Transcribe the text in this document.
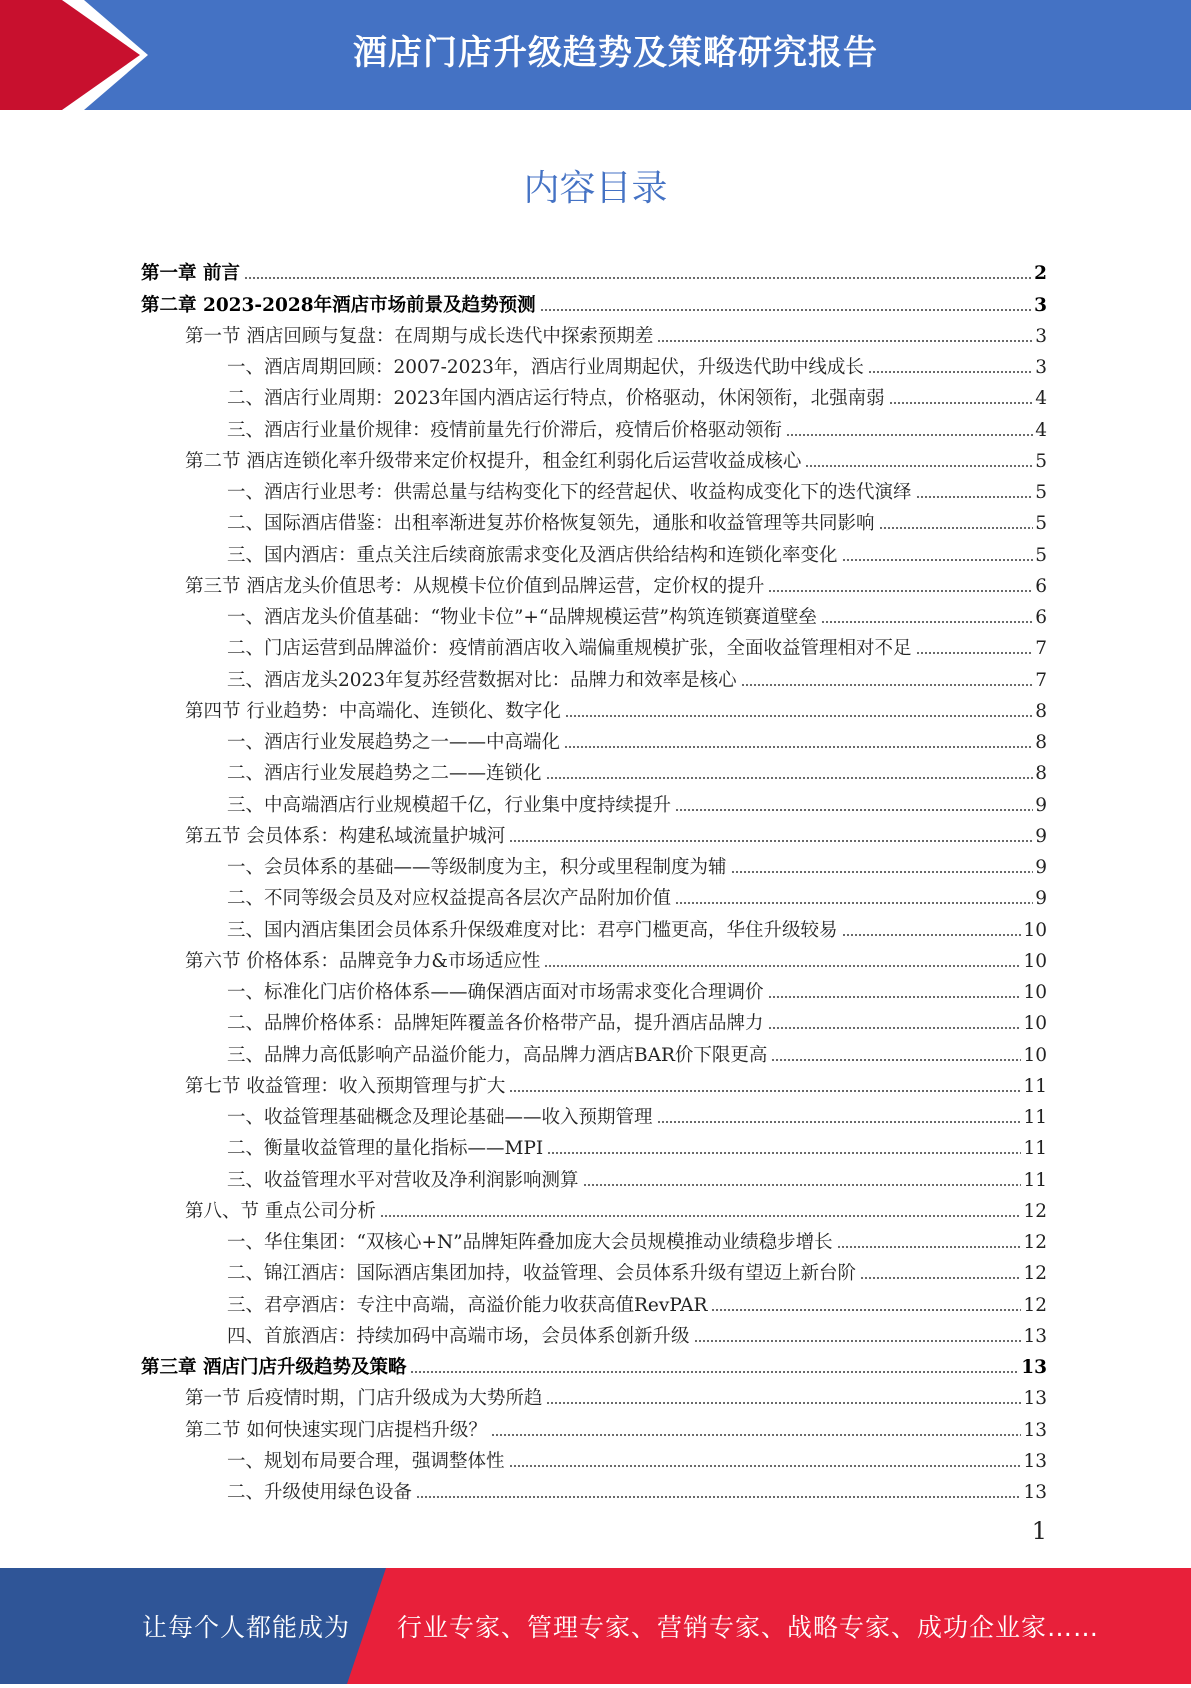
酒店门店升级趋势及策略研究报告
内容目录
第一章 前言	2
第二章 2023-2028年酒店市场前景及趋势预测	3
第一节 酒店回顾与复盘：在周期与成长迭代中探索预期差	3
一、酒店周期回顾：2007-2023年，酒店行业周期起伏，升级迭代助中线成长	3
二、酒店行业周期：2023年国内酒店运行特点，价格驱动，休闲领衔，北强南弱	4
三、酒店行业量价规律：疫情前量先行价滞后，疫情后价格驱动领衔	4
第二节 酒店连锁化率升级带来定价权提升，租金红利弱化后运营收益成核心	5
一、酒店行业思考：供需总量与结构变化下的经营起伏、收益构成变化下的迭代演绎	5
二、国际酒店借鉴：出租率渐进复苏价格恢复领先，通胀和收益管理等共同影响	5
三、国内酒店：重点关注后续商旅需求变化及酒店供给结构和连锁化率变化	5
第三节 酒店龙头价值思考：从规模卡位价值到品牌运营，定价权的提升	6
一、酒店龙头价值基础：“物业卡位”+“品牌规模运营”构筑连锁赛道壁垒	6
二、门店运营到品牌溢价：疫情前酒店收入端偏重规模扩张，全面收益管理相对不足	7
三、酒店龙头2023年复苏经营数据对比：品牌力和效率是核心	7
第四节 行业趋势：中高端化、连锁化、数字化	8
一、酒店行业发展趋势之一——中高端化	8
二、酒店行业发展趋势之二——连锁化	8
三、中高端酒店行业规模超千亿，行业集中度持续提升	9
第五节 会员体系：构建私域流量护城河	9
一、会员体系的基础——等级制度为主，积分或里程制度为辅	9
二、不同等级会员及对应权益提高各层次产品附加价值	9
三、国内酒店集团会员体系升保级难度对比：君亭门槛更高，华住升级较易	10
第六节 价格体系：品牌竞争力&市场适应性	10
一、标准化门店价格体系——确保酒店面对市场需求变化合理调价	10
二、品牌价格体系：品牌矩阵覆盖各价格带产品，提升酒店品牌力	10
三、品牌力高低影响产品溢价能力，高品牌力酒店BAR价下限更高	10
第七节 收益管理：收入预期管理与扩大	11
一、收益管理基础概念及理论基础——收入预期管理	11
二、衡量收益管理的量化指标——MPI	11
三、收益管理水平对营收及净利润影响测算	11
第八、节 重点公司分析	12
一、华住集团：“双核心+N”品牌矩阵叠加庞大会员规模推动业绩稳步增长	12
二、锦江酒店：国际酒店集团加持，收益管理、会员体系升级有望迈上新台阶	12
三、君亭酒店：专注中高端，高溢价能力收获高值RevPAR	12
四、首旅酒店：持续加码中高端市场，会员体系创新升级	13
第三章 酒店门店升级趋势及策略	13
第一节 后疫情时期，门店升级成为大势所趋	13
第二节 如何快速实现门店提档升级？	13
一、规划布局要合理，强调整体性	13
二、升级使用绿色设备	13
1
让每个人都能成为 行业专家、管理专家、营销专家、战略专家、成功企业家……
